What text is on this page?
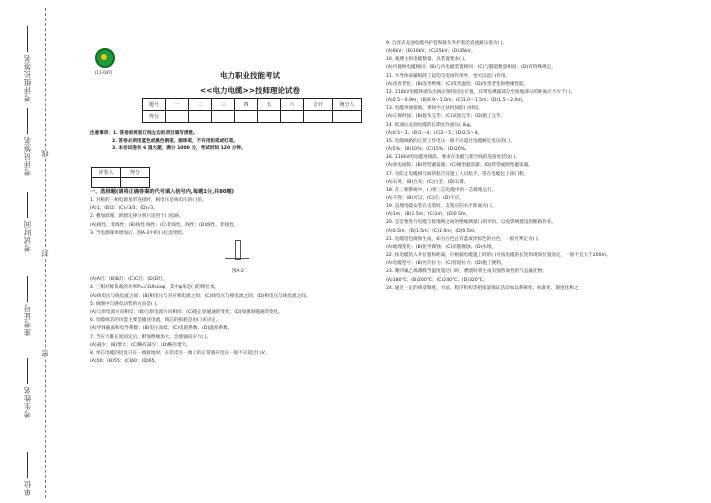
考评组长签名
考评员签名
考试时间
准考证号
考生姓名
单位
线
封
密
(11-047)	电力职业技能考试
<<电力电缆>>技师理论试卷
题号	一	二	三	四	五	六	合计	统分人
得分								
注意事项：1. 答卷前将装订线左边的项目填写清楚。
2. 答卷必须用蓝色或黑色钢笔、圆珠笔，不许用铅笔或红笔。
3. 本份试卷共 6 道大题，满分 1000 分，考试时间 120 分钟。
评卷人	得分

一、选择题(请将正确答案的代号填入括号内,每题1分,共80题)

1. 对称的三相电源星形连接时，相电压是线电压的( )倍。

(A)1；(B)2；(C)√3/3；(D)√3。

2. 叠加原理、欧姆定律分别只适用于( )电路。

(A)线性、非线性；(B)线性 线性；(C)非线性、线性；(D)线性、非线性。

3. 当电源频率增加后，图A-2中的( )灯泡变暗。

图A-2

(A)A灯；(B)B灯；(C)C灯；(D)D灯。

4. 三相对称负载的功率P=√3UIcosφ，其中φ角是( )的相位角。

(A)线电压与线电流之间；(B)相电压与对应相电流之间；(C)线电压与相电流之间；(D)相电压与线电流之间。

5. 线圈中自感电动势的方向是( )。

(A)与原电流方向相反；(B)与原电流方向相同；(C)阻止原磁通的变化；(D)加强原磁通的变化。

6. 电缆线芯的功能主要是输送电流，线芯的损耗是由( )来决定。

(A)导体截面和电导系数；(B)电压高低；(C)电阻系数；(D)温度系数。

7. 当应力锥长度固定后，附加绝缘加大，会使轴向应力( )。

(A)减少；(B)增大；(C)略有减少；(D)略有增大。

8. 单芯电缆的铅皮只在一端接地时，在铅皮另一端上的正常感应电压一般不应超过( )V。

(A)50；(B)55；(C)60；(D)65。

9. 自容式充油电缆外护套和接头外护套的直流耐压值为( )。

(A)6kV；(B)10kV；(C)25kV；(D)35kV。

10. 观测主构电缆数量、具装置要求( )。

(A)内置换电缆相同；(B)与内电缆装置相同；(C)与隧道数量相同；(D)有特殊规定。

11. 半导体屏蔽纸除了起均匀电场作用外，也可以起( )作用。

(A)改善老化；(B)改善绝缘；(C)改善温度；(D)改善老化和绝缘性能。

12. 110kV电缆终端头出线应保持固定位置，其带电裸露部分至接地部分的距离应不少于( )。

(A)0.5～0.9m；(B)0.9～1.0m；(C)1.0～1.5m；(D)1.5～2.0m。

13. 电缆单端接地，事故中止扶时间防( )时间。

(A)正规时间；(B)接头完毕；(C)试验完毕；(D)施工完毕。

14. 低油压充油电缆的长期允许油压( )kg。

(A)0.5～3；(B)1～4；(C)2～5；(D)2.5～4。

15. 电缆线路的正常工作电压一般不应超过电缆额定电压的( )。

(A)5%；(B)10%；(C)15%；(D)20%。

16. 110kV的电缆进线段，要求在电缆与架空线的连接处装设( )。

(A)放电间隙；(B)管型避雷器；(C)阀型避雷器；(D)管型或阀型避雷器。

17. 为防止电缆相互间的粘合及施工人员粘手，常在电缆包上涂( )粉。

(A)石英；(B)白灰；(C)白垩；(D)石膏。

18. 在三相系统中，( )将三芯电缆中的一芯接地运行。

(A)不得；(B)可以；(C)应；(D)不应。

19. 直埋电缆安装在支架时，支架应的水平距离为( )。

(A)1m；(B)1.5m；(C)1m；(D)0.5m。

20. 是否要进行电缆与接地网之间的绝缘测量( )的评价，以免影响建设的断路作业。

(A)0.5m；(B)1.5m；(C)1.0m；(D)0.5m。

21. 电缆铅包腐蚀生成，如为白色且有蓝或淡棕色的白色，一般可判定为( )。

(A)地理变化；(B)化学腐蚀；(C)杂散腐蚀；(D)水锈。

22. 按电缆的入井位置和距离，应根据电缆施工时的( )可按电缆的长度和现场位置而定，一般不宜大于200m。

(A)电缆型号；(B)允许拉力；(C)管道拉力；(D)施工便利。

23. 聚四氟乙烯薄膜当温度超过( )时，燃烧时将生成有强烈毒性的气态氟化物。

(A)180℃；(B)200℃；(C)240℃；(D)320℃。

24. 通过一定的规章制度、方法、程序机构等把质量保证活动加以系统化、标准化、制度化称之
